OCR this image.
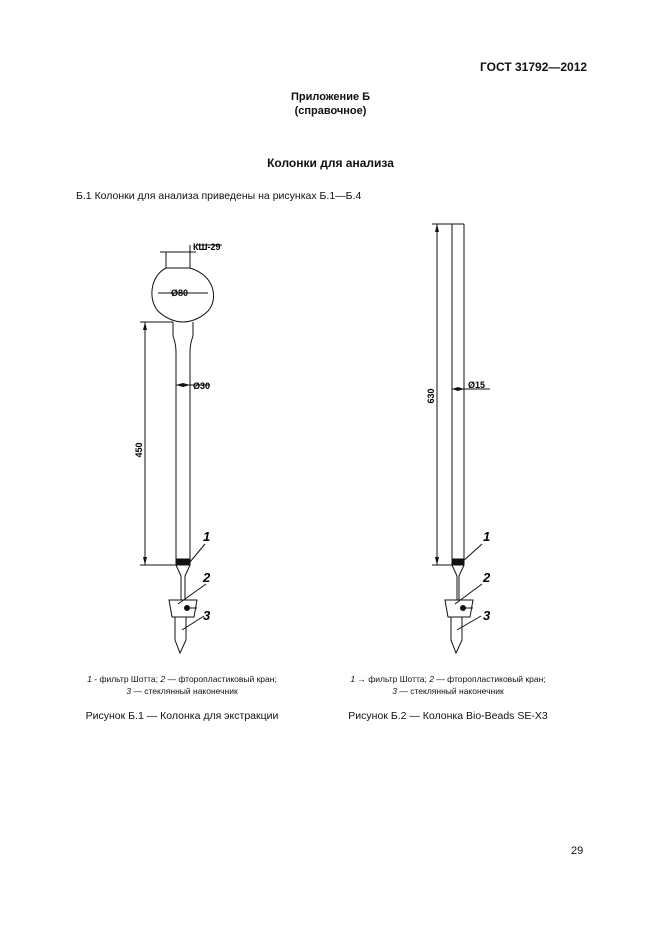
ГОСТ 31792—2012
Приложение Б
(справочное)
Колонки для анализа
Б.1 Колонки для анализа приведены на рисунках Б.1—Б.4
КШ-29
Ø80
Ø30
450
1
2
3
Ø15
630
1
2
3
1 - фильтр Шотта; 2 — фторопластиковый кран;
3 — стеклянный наконечник
1 → фильтр Шотта; 2 — фторопластиковый кран;
3 — стеклянный наконечник
Рисунок Б.1 — Колонка для экстракции	Рисунок Б.2 — Колонка Bio-Beads SE-X3
29
